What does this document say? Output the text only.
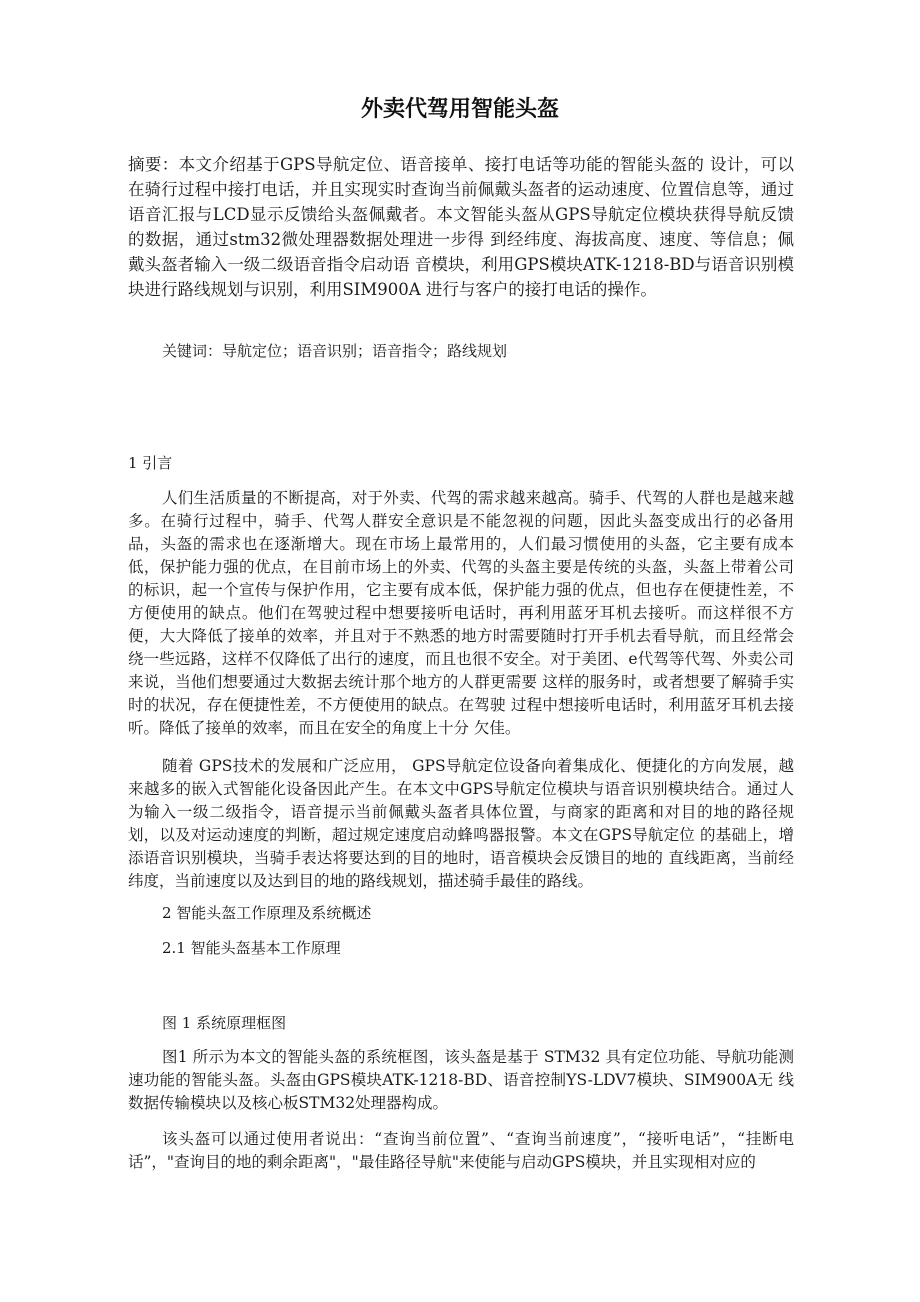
外卖代驾用智能头盔

摘要：本文介绍基于GPS导航定位、语音接单、接打电话等功能的智能头盔的 设计，可以在骑行过程中接打电话，并且实现实时查询当前佩戴头盔者的运动速度、位置信息等，通过语音汇报与LCD显示反馈给头盔佩戴者。本文智能头盔从GPS导航定位模块获得导航反馈的数据，通过stm32微处理器数据处理进一步得 到经纬度、海拔高度、速度、等信息；佩戴头盔者输入一级二级语音指令启动语 音模块，利用GPS模块ATK-1218-BD与语音识别模块进行路线规划与识别，利用SIM900A 进行与客户的接打电话的操作。

关键词：导航定位；语音识别；语音指令；路线规划

1 引言

人们生活质量的不断提高，对于外卖、代驾的需求越来越高。骑手、代驾的人群也是越来越多。在骑行过程中，骑手、代驾人群安全意识是不能忽视的问题，因此头盔变成出行的必备用品，头盔的需求也在逐渐增大。现在市场上最常用的，人们最习惯使用的头盔，它主要有成本低，保护能力强的优点，在目前市场上的外卖、代驾的头盔主要是传统的头盔，头盔上带着公司的标识，起一个宣传与保护作用，它主要有成本低，保护能力强的优点，但也存在便捷性差，不方便使用的缺点。他们在驾驶过程中想要接听电话时，再利用蓝牙耳机去接听。而这样很不方便，大大降低了接单的效率，并且对于不熟悉的地方时需要随时打开手机去看导航，而且经常会绕一些远路，这样不仅降低了出行的速度，而且也很不安全。对于美团、e代驾等代驾、外卖公司来说，当他们想要通过大数据去统计那个地方的人群更需要 这样的服务时，或者想要了解骑手实时的状况，存在便捷性差，不方便使用的缺点。在驾驶 过程中想接听电话时，利用蓝牙耳机去接听。降低了接单的效率，而且在安全的角度上十分 欠佳。

随着 GPS技术的发展和广泛应用， GPS导航定位设备向着集成化、便捷化的方向发展，越来越多的嵌入式智能化设备因此产生。在本文中GPS导航定位模块与语音识别模块结合。通过人为输入一级二级指令，语音提示当前佩戴头盔者具体位置，与商家的距离和对目的地的路径规划，以及对运动速度的判断，超过规定速度启动蜂鸣器报警。本文在GPS导航定位 的基础上，增添语音识别模块，当骑手表达将要达到的目的地时，语音模块会反馈目的地的 直线距离，当前经纬度，当前速度以及达到目的地的路线规划，描述骑手最佳的路线。

2 智能头盔工作原理及系统概述

2.1 智能头盔基本工作原理

图 1 系统原理框图

图1 所示为本文的智能头盔的系统框图，该头盔是基于 STM32 具有定位功能、导航功能测速功能的智能头盔。头盔由GPS模块ATK-1218-BD、语音控制YS-LDV7模块、SIM900A无 线数据传输模块以及核心板STM32处理器构成。

该头盔可以通过使用者说出：“查询当前位置”、“查询当前速度”，“接听电话”，“挂断电话”，"查询目的地的剩余距离"，"最佳路径导航"来使能与启动GPS模块，并且实现相对应的
